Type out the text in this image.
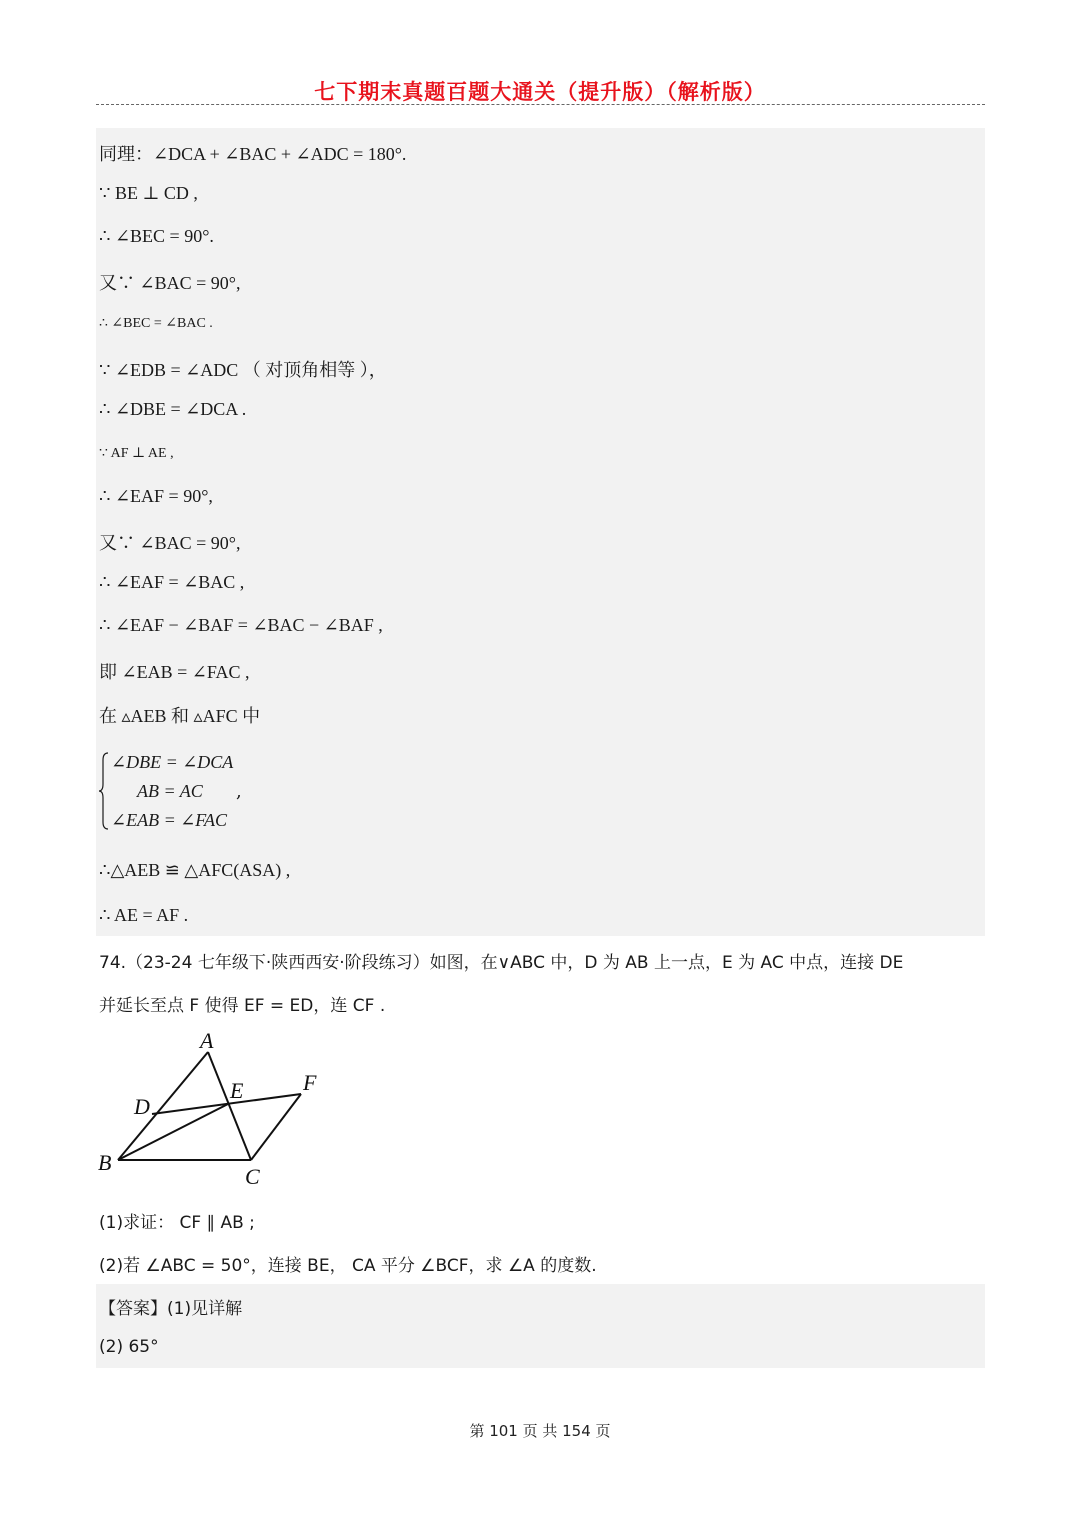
七下期末真题百题大通关（提升版）（解析版）
同理：∠DCA + ∠BAC + ∠ADC = 180°.
∵ BE ⊥ CD ,
∴ ∠BEC = 90°.
又∵ ∠BAC = 90°,
∴ ∠BEC = ∠BAC .
∵ ∠EDB = ∠ADC （ 对顶角相等 ），
∴ ∠DBE = ∠DCA .
∵ AF ⊥ AE ,
∴ ∠EAF = 90°,
又∵ ∠BAC = 90°,
∴ ∠EAF = ∠BAC ,
∴ ∠EAF − ∠BAF = ∠BAC − ∠BAF ,
即 ∠EAB = ∠FAC ,
在 ▵AEB 和 ▵AFC 中
∠DBE = ∠DCA
AB = AC
∠EAB = ∠FAC
,
∴△AEB ≌ △AFC(ASA) ,
∴ AE = AF .
74.（23-24 七年级下·陕西西安·阶段练习）如图，在∨ABC 中，D 为 AB 上一点，E 为 AC 中点，连接 DE
并延长至点 F 使得 EF = ED，连 CF .
A
B
C
D
E	F
(1)求证： CF ∥ AB ;
(2)若 ∠ABC = 50°，连接 BE， CA 平分 ∠BCF，求 ∠A 的度数.
【答案】(1)见详解
(2) 65°
第 101 页 共 154 页
